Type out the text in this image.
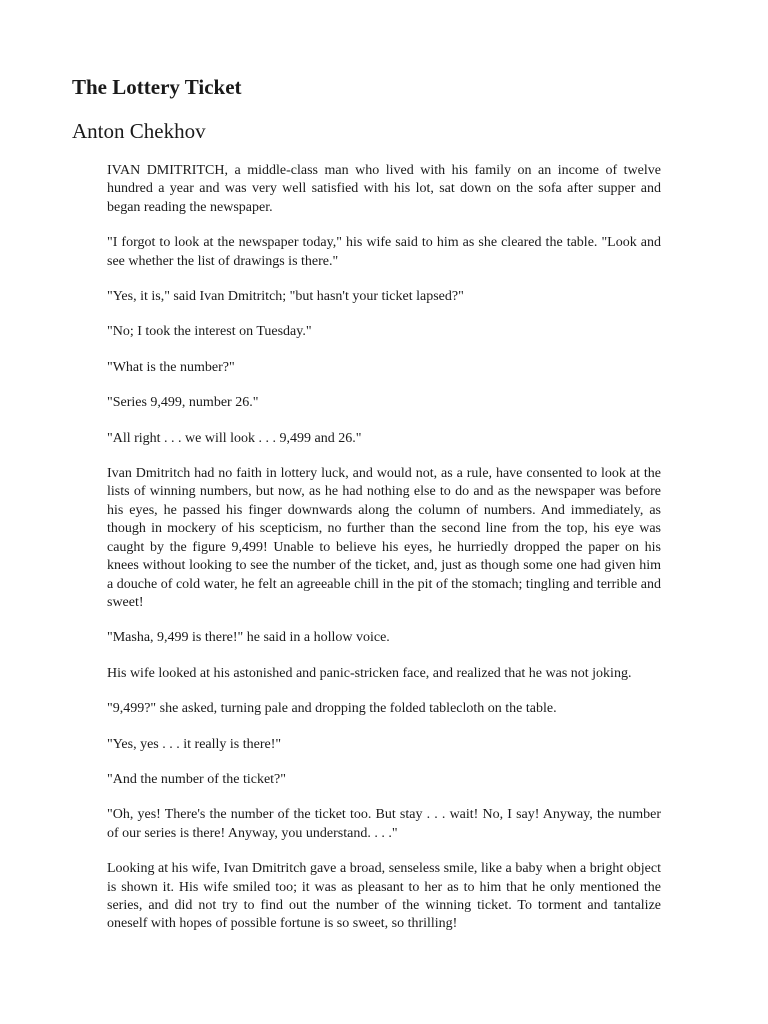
The Lottery Ticket
Anton Chekhov

IVAN DMITRITCH, a middle-class man who lived with his family on an income of twelve hundred a year and was very well satisfied with his lot, sat down on the sofa after supper and began reading the newspaper.

"I forgot to look at the newspaper today," his wife said to him as she cleared the table. "Look and see whether the list of drawings is there."

"Yes, it is," said Ivan Dmitritch; "but hasn't your ticket lapsed?"

"No; I took the interest on Tuesday."

"What is the number?"

"Series 9,499, number 26."

"All right . . . we will look . . . 9,499 and 26."

Ivan Dmitritch had no faith in lottery luck, and would not, as a rule, have consented to look at the lists of winning numbers, but now, as he had nothing else to do and as the newspaper was before his eyes, he passed his finger downwards along the column of numbers. And immediately, as though in mockery of his scepticism, no further than the second line from the top, his eye was caught by the figure 9,499! Unable to believe his eyes, he hurriedly dropped the paper on his knees without looking to see the number of the ticket, and, just as though some one had given him a douche of cold water, he felt an agreeable chill in the pit of the stomach; tingling and terrible and sweet!

"Masha, 9,499 is there!" he said in a hollow voice.

His wife looked at his astonished and panic-stricken face, and realized that he was not joking.

"9,499?" she asked, turning pale and dropping the folded tablecloth on the table.

"Yes, yes . . . it really is there!"

"And the number of the ticket?"

"Oh, yes! There's the number of the ticket too. But stay . . . wait! No, I say! Anyway, the number of our series is there! Anyway, you understand. . . ."

Looking at his wife, Ivan Dmitritch gave a broad, senseless smile, like a baby when a bright object is shown it. His wife smiled too; it was as pleasant to her as to him that he only mentioned the series, and did not try to find out the number of the winning ticket. To torment and tantalize oneself with hopes of possible fortune is so sweet, so thrilling!
